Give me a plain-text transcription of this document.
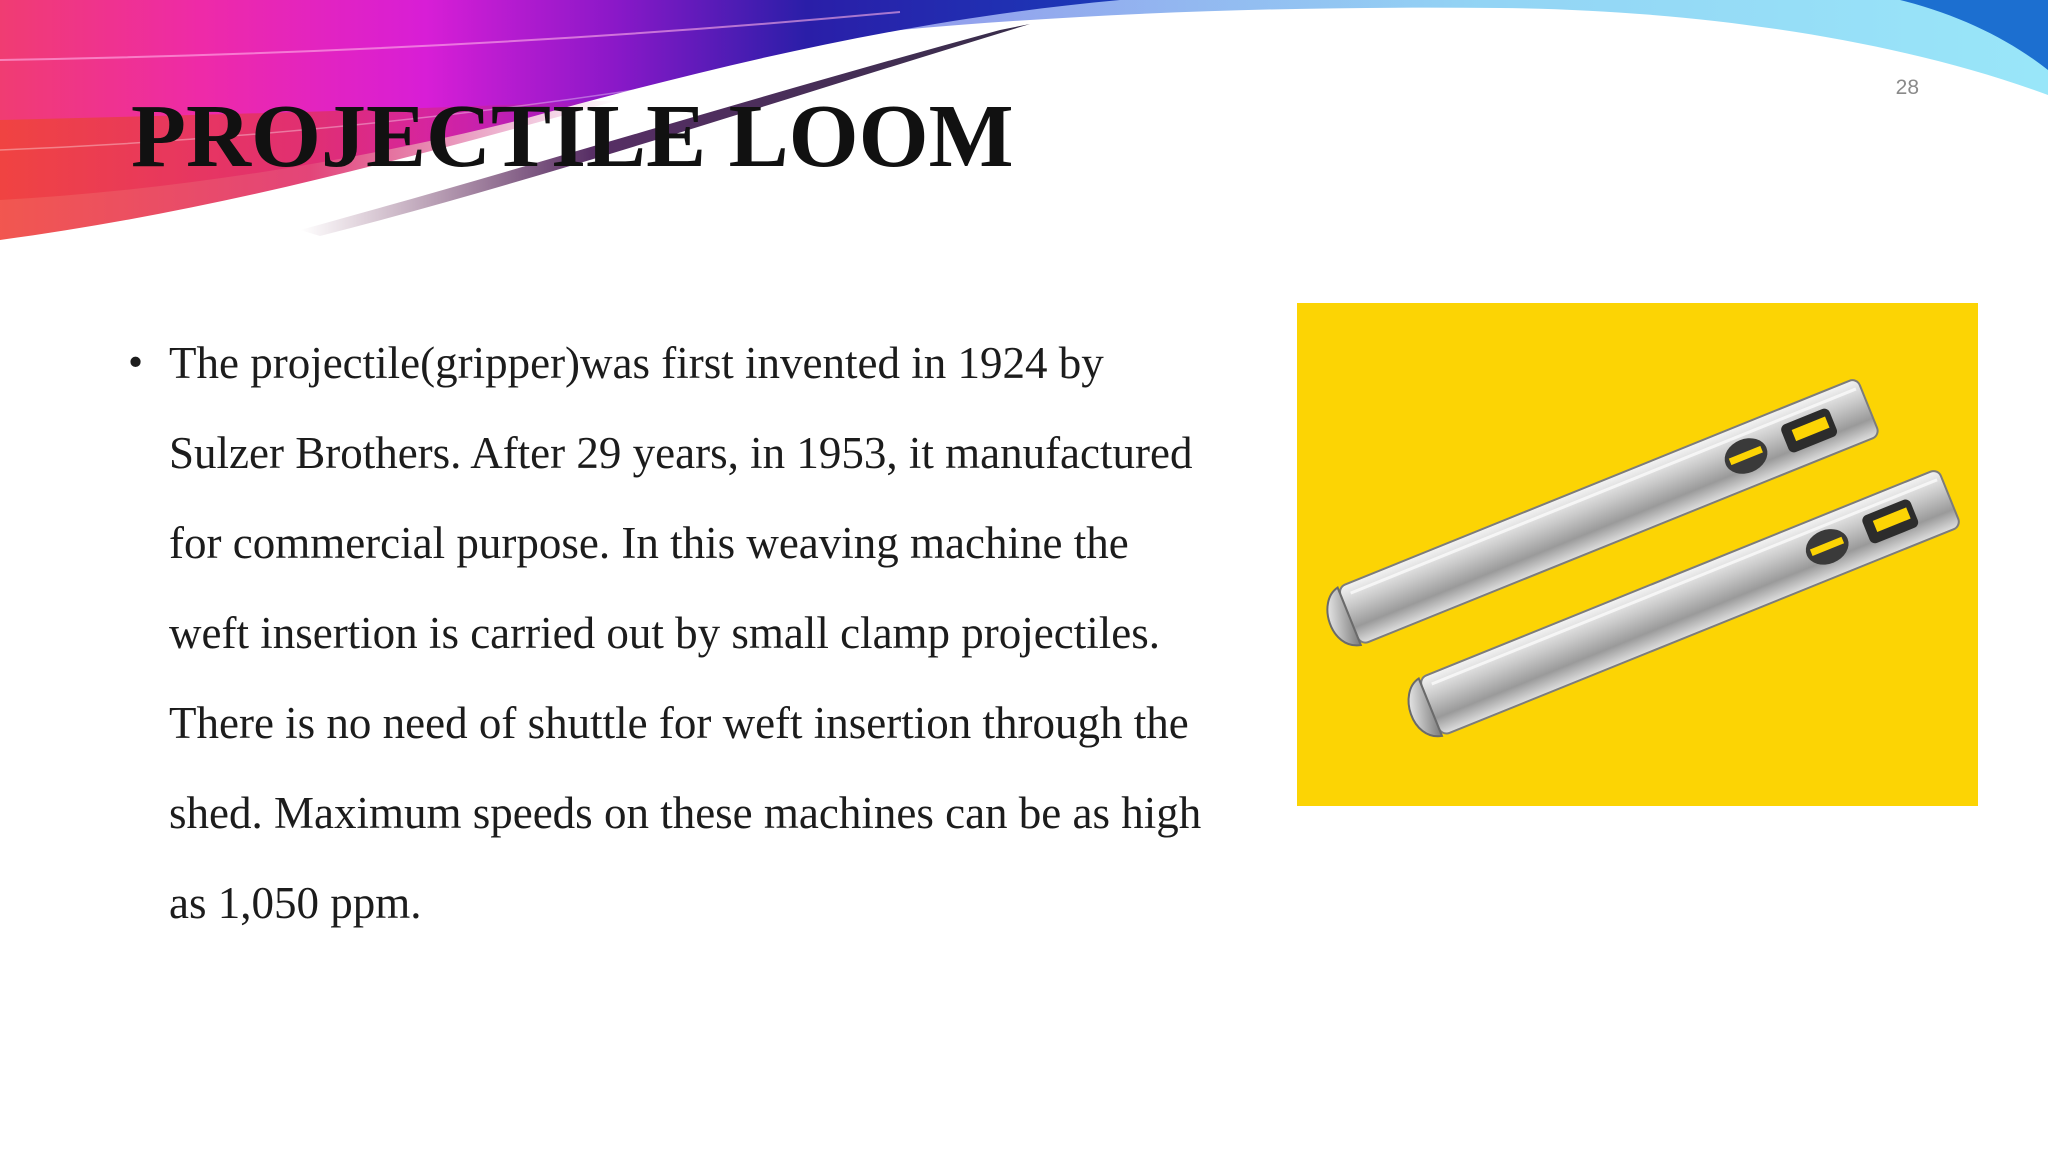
28
PROJECTILE LOOM
• The projectile(gripper)was first invented in 1924 by Sulzer Brothers. After 29 years, in 1953, it manufactured for commercial purpose. In this weaving machine the weft insertion is carried out by small clamp projectiles. There is no need of shuttle for weft insertion through the shed. Maximum speeds on these machines can be as high as 1,050 ppm.
